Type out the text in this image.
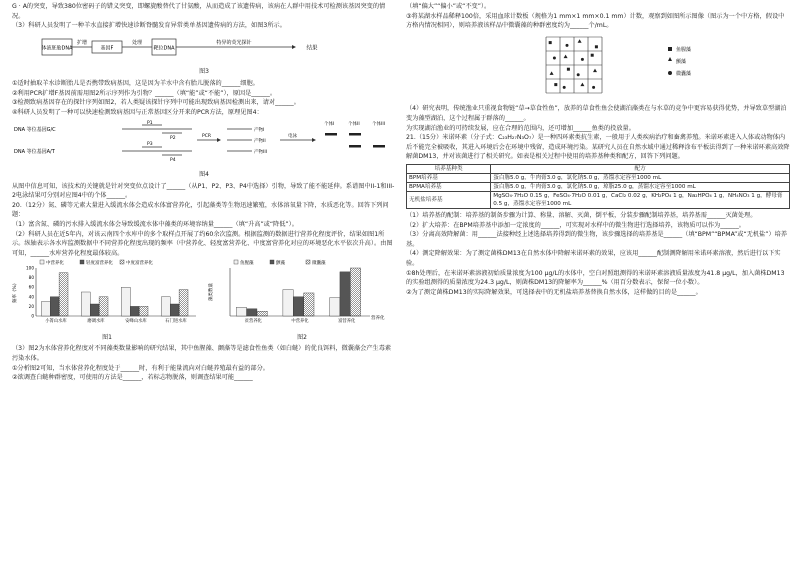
G · A的突变，导致380位密码子的错义突变，即螺旋酸替代了甘氨酸，从而造成了该遗传病，该病在人群中用技术可检测该基因突变的情况。

（3）科研人员发明了一种羊水直接扩增快速诊断脊髓发育异常类单基因遗传病的方法，如图3所示。

体液胚胎DNA
扩增
基因F
处理
靶位DNA
特异的荧光探针
结果
图3

①适时抽取羊水诊断胎儿是否携带致病基因，这是因为羊水中含有胎儿脱落的______细胞。

②利用PCR扩增F基因前需用图2所示序列作为引物？______（填“能”或“不能”），原因是______。

③检测致病基因存在的探针序列如图2，若人类疑该探针序列中可能出现致病基因检测出来，请对______。

④科研人员发明了一种可以快速检测致病基因与正常基因区分开来的PCR方法，原理见图4：

DNA 等位基因G/C
DNA 等位基因A/T
P1
P2
P3
P4
PCR
产物I
产物II
产物III
电泳
个体I	个体II	个体III
图4

从图中信息可知，该技术的关键就是针对突变位点设计了______（从P1、P2、P3、P4中选择）引物，导致了能不能延伸。系谱图中II-1和III-2电泳结果可分别对应图4中的个体______。

20.（12分）氮、磷等元素大量进入缓流水体会造成水体富营养化，引起藻类等生物迅速繁殖，水体溶氧量下降，水质恶化等。回答下列问题：

（1）富含氮、磷的污水排入缓流水体会导致缓流水体中藻类的环境容纳量______（填“升高”或“降低”）。

（2）科研人员在近5年内，对该云南四个水库中的多个取样点开展了约60余次监测。根据监测的数据进行营养化程度评价，结果如图1所示。纵轴表示各水库监测数据中不同营养化程度出现的频率（中营养化、轻度富营养化、中度富营养化对应的环境恶化水平依次升高）。由图可知，______水库营养化程度最体较高。

中营养化	轻度富营养化	中度富营养化
100
80
60
40
20
0
频率（%）
小箐山水库	磨调水库	安峰山水库	石门进水库
图1
鱼腥藻	颤藻	微囊藻
藻类数量
营养化
贫营养化	中营养化	富营养化
图2

（3）图2为水体营养化程度对不同藻类数量影响的研究结果，其中鱼腥藻、颤藻等是滤食性鱼类（如白鲢）的优良饵料，微囊藻会产生毒素污染水体。

①分析图2可知，当水体营养化程度处于______时，有利于能量流向对白鲢养殖最有益的部分。

②欲调查白鲢种群密度，可使用的方法是______，若标志物脱落，则调查结果可能______

（填“偏大”“偏小”或“不变”）。

③将某湖水样品稀释100倍，采用血球计数板（规格为1 mm×1 mm×0.1 mm）计数，观察到如图所示图像（图示为一个中方格，假设中方格内情况相同），则培养液该样品中微囊藻的种群密度约为______个/mL。

鱼腥藻
颤藻
微囊藻

（4）研究表明，传统渔业只重视食物链“草→草食性鱼”，放养的草食性鱼会使湖泊藻类在与水草的竞争中更容易获得优势，并导致草型湖泊变为藻型湖泊，这个过程属于群落的______。

为实现湖泊渔业的可持续发展，应在合理的范围内，还可增加______鱼类的投放量。

21.（15分）米诺环素（分子式：C₂₃H₂₇N₃O₇）是一种四环素类抗生素，一般用于人类疾病治疗和畜禽养殖。米诺环素进入人体或动物体内后不能完全被吸收，其进入环境后会在环境中残留，造成环境污染。某研究人员在自然水域中通过稀释涂布平板法得到了一种米诺环素高效降解菌DM13，并对该菌进行了相关研究。如表是相关过程中使用的培养基种类和配方，回答下列问题。

培养基种类	配方
BPM培养基	蛋白胨5.0 g，牛肉膏3.0 g，氯化钠5.0 g，蒸馏水定容至1000 mL
BPMA培养基	蛋白胨5.0 g，牛肉膏3.0 g，氯化钠5.0 g，琼脂25.0 g，蒸馏水定容至1000 mL
无机盐培养基	MgSO₄·7H₂O 0.15 g，FeSO₄·7H₂O 0.01 g，CaCl₂ 0.02 g，KH₂PO₄ 1 g，Na₂HPO₄ 1 g，NH₄NO₃ 1 g，酵母膏0.5 g，蒸馏水定容至1000 mL

（1）培养基的配制：培养基的制备步骤为计算、称量、溶解、灭菌，倒平板，分装步骤配制培养基，培养基需______灭菌处理。

（2）扩大培养：在BPM培养基中添加一定浓度的______，可实现对水样中的微生物进行选择培养，该物质可以作为______。

（3）分离高效降解菌：用______法接种经上述选择培养得到的微生物，该步骤选择的培养基是______（填“BPM”“BPMA”或“无机盐”）培养基。

（4）测定降解效果：为了测定菌株DM13在自然水体中降解米诺环素的效果，应该用______配制测降解用米诺环素溶液，然后进行以下实验。

①8h处理后，在米诺环素溶液初始质量浓度为100 μg/L的水体中，空白对照组测得的米诺环素溶液质量浓度为41.8 μg/L，加入菌株DM13的实验组测得的质量浓度为24.3 μg/L，则菌株DM13的降解率为______%（用百分数表示，保留一位小数）。

②为了测定菌株DM13的实际降解效果，可选择表中的无机盐培养基替换自然水体，这样做的目的是______。
